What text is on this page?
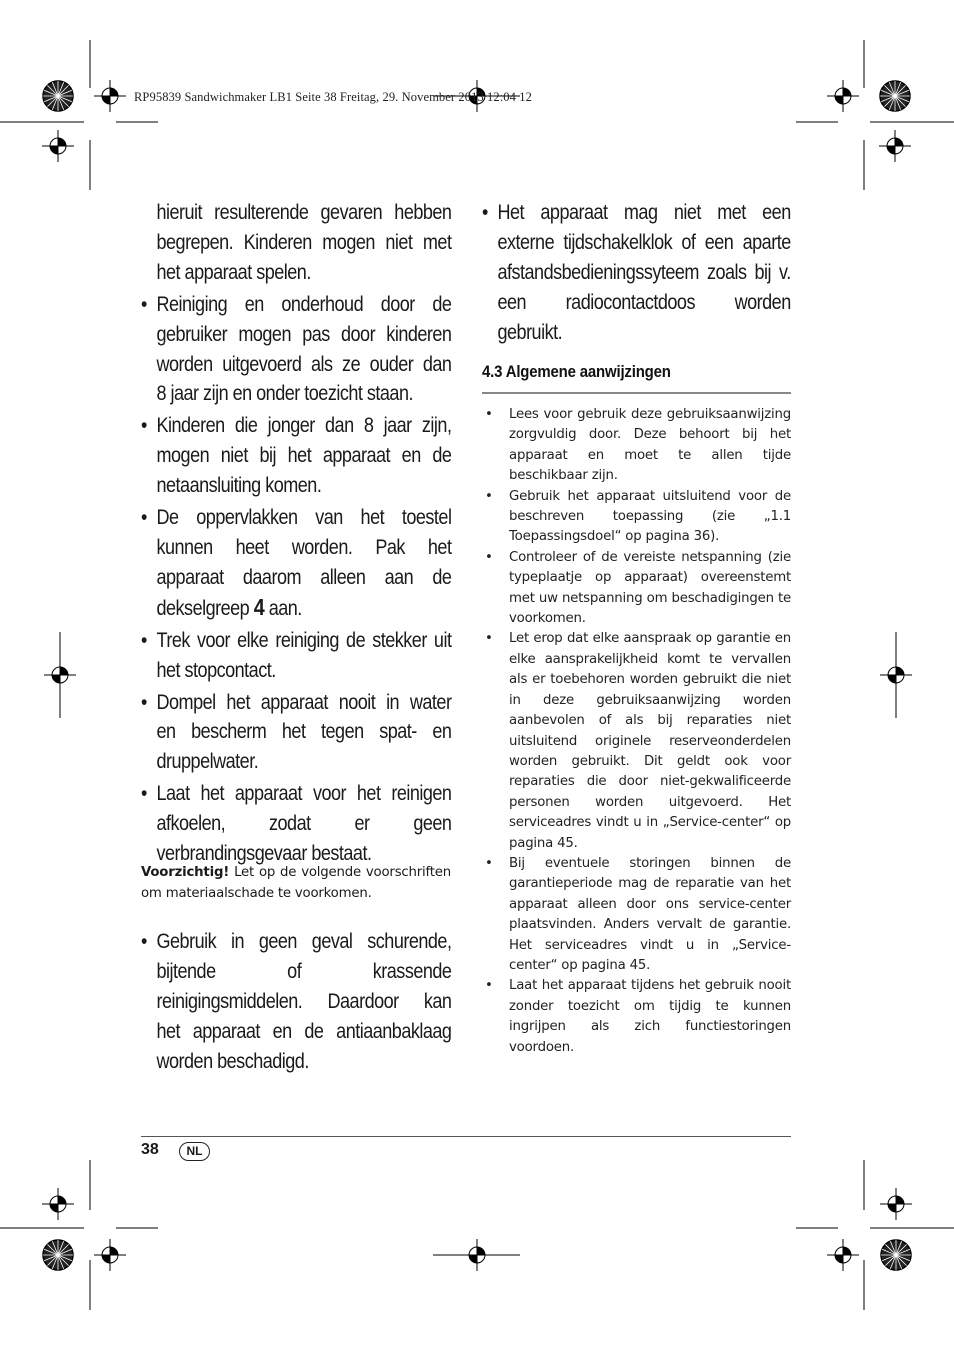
RP95839 Sandwichmaker LB1 Seite 38 Freitag, 29. November 2013 12:04 12
hieruit resulterende gevaren hebben
begrepen. Kinderen mogen niet met
het apparaat spelen.
• Reiniging en onderhoud door de
gebruiker mogen pas door kinderen
worden uitgevoerd als ze ouder dan
8 jaar zijn en onder toezicht staan.
• Kinderen die jonger dan 8 jaar zijn,
mogen niet bij het apparaat en de
netaansluiting komen.
• De oppervlakken van het toestel
kunnen heet worden. Pak het
apparaat daarom alleen aan de
dekselgreep 4 aan.
• Trek voor elke reiniging de stekker uit
het stopcontact.
• Dompel het apparaat nooit in water
en bescherm het tegen spat- en
druppelwater.
• Laat het apparaat voor het reinigen
afkoelen, zodat er geen
verbrandingsgevaar bestaat.
Voorzichtig! Let op de volgende voorschriften om materiaalschade te voorkomen.
• Gebruik in geen geval schurende,
bijtende of krassende
reinigingsmiddelen. Daardoor kan
het apparaat en de antiaanbaklaag
worden beschadigd.
• Het apparaat mag niet met een
externe tijdschakelklok of een aparte
afstandsbedieningssyteem zoals bij v.
een radiocontactdoos worden
gebruikt.
4.3 Algemene aanwijzingen

• Lees voor gebruik deze gebruiksaanwijzing zorgvuldig door. Deze behoort bij het apparaat en moet te allen tijde beschikbaar zijn.

• Gebruik het apparaat uitsluitend voor de beschreven toepassing (zie „1.1 Toepassingsdoel“ op pagina 36).

• Controleer of de vereiste netspanning (zie typeplaatje op apparaat) overeenstemt met uw netspanning om beschadigingen te voorkomen.

• Let erop dat elke aanspraak op garantie en elke aansprakelijkheid komt te vervallen als er toebehoren worden gebruikt die niet in deze gebruiksaanwijzing worden aanbevolen of als bij reparaties niet uitsluitend originele reserveonderdelen worden gebruikt. Dit geldt ook voor reparaties die door niet-gekwalificeerde personen worden uitgevoerd. Het serviceadres vindt u in „Service-center“ op pagina 45.

• Bij eventuele storingen binnen de garantieperiode mag de reparatie van het apparaat alleen door ons service-center plaatsvinden. Anders vervalt de garantie. Het serviceadres vindt u in „Service-center“ op pagina 45.

• Laat het apparaat tijdens het gebruik nooit zonder toezicht om tijdig te kunnen ingrijpen als zich functiestoringen voordoen.

38	NL
